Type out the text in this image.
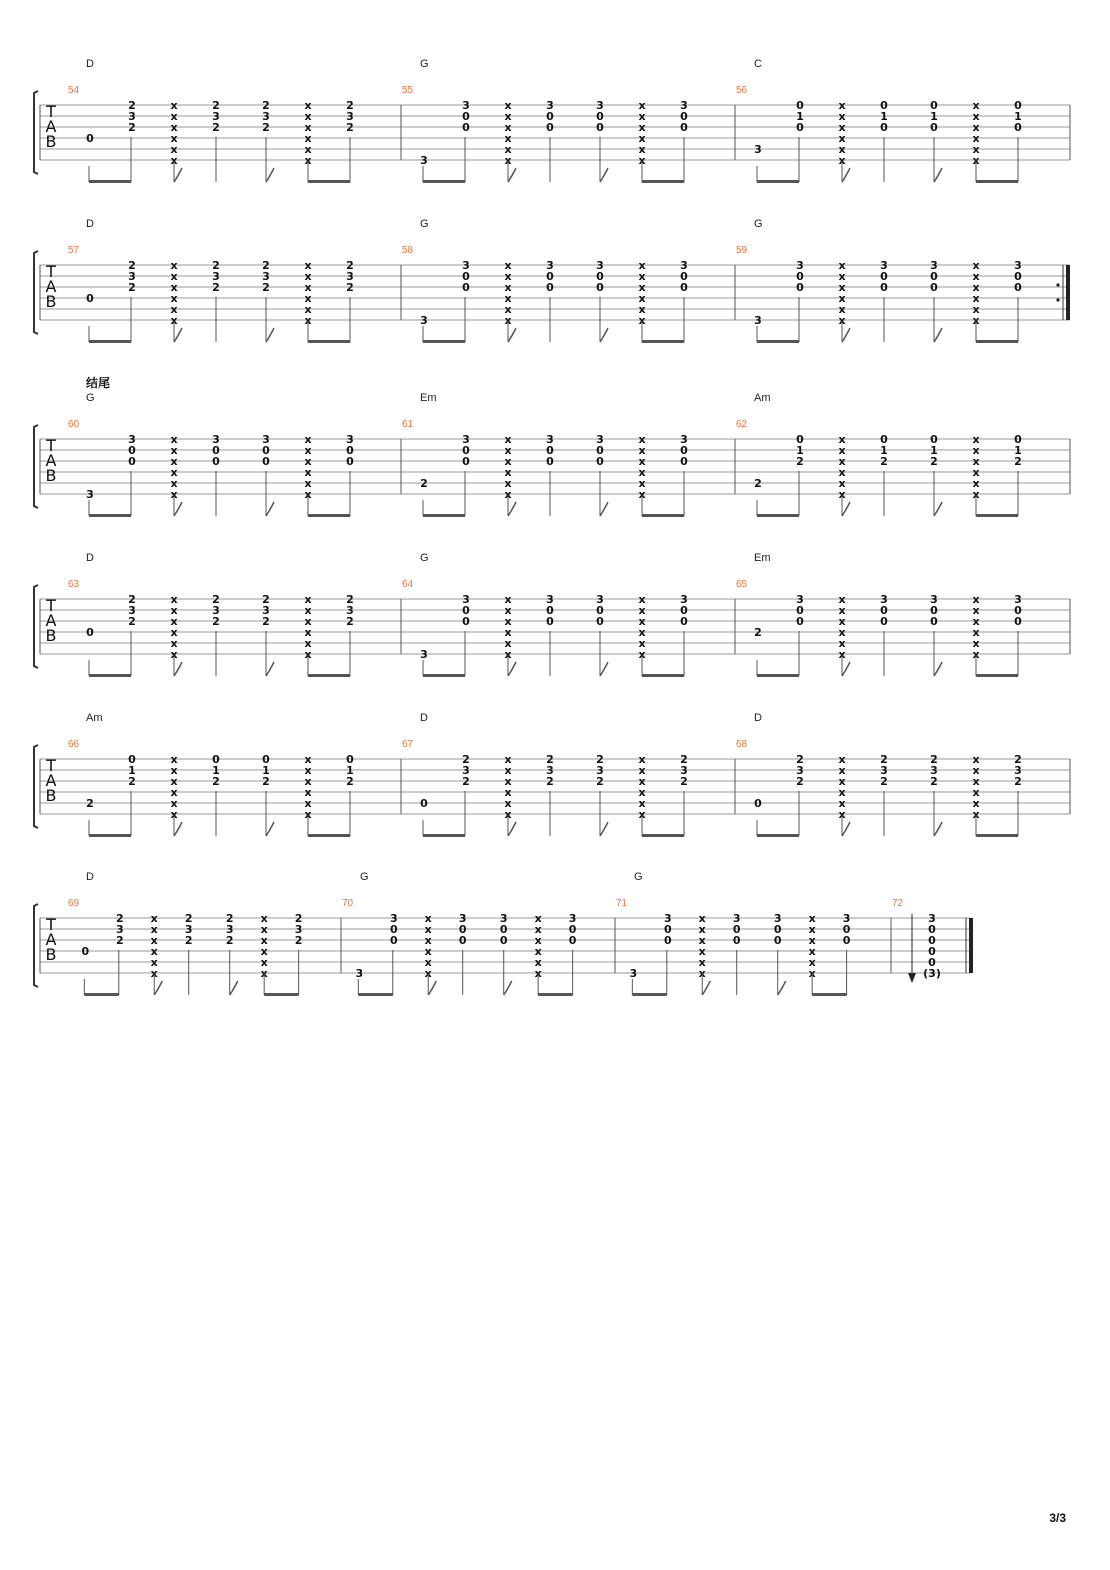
T
A
B
54
D
0
2
3
2
2
3
2
2
3
2
2
3
2
x
x
x
x
x
x
x
x
x
x
x
x
55
G
3
3
0
0
3
0
0
3
0
0
3
0
0
x
x
x
x
x
x
x
x
x
x
x
x
56
C
3
0
1
0
0
1
0
0
1
0
0
1
0
x
x
x
x
x
x
x
x
x
x
x
x
T
A
B
57
D
0
2
3
2
2
3
2
2
3
2
2
3
2
x
x
x
x
x
x
x
x
x
x
x
x
58
G
3
3
0
0
3
0
0
3
0
0
3
0
0
x
x
x
x
x
x
x
x
x
x
x
x
59
G
3
3
0
0
3
0
0
3
0
0
3
0
0
x
x
x
x
x
x
x
x
x
x
x
x
T
A
B
结尾
60
G
3
3
0
0
3
0
0
3
0
0
3
0
0
x
x
x
x
x
x
x
x
x
x
x
x
61
Em
2
3
0
0
3
0
0
3
0
0
3
0
0
x
x
x
x
x
x
x
x
x
x
x
x
62
Am
2
0
1
2
0
1
2
0
1
2
0
1
2
x
x
x
x
x
x
x
x
x
x
x
x
T
A
B
63
D
0
2
3
2
2
3
2
2
3
2
2
3
2
x
x
x
x
x
x
x
x
x
x
x
x
64
G
3
3
0
0
3
0
0
3
0
0
3
0
0
x
x
x
x
x
x
x
x
x
x
x
x
65
Em
2
3
0
0
3
0
0
3
0
0
3
0
0
x
x
x
x
x
x
x
x
x
x
x
x
T
A
B
66
Am
2
0
1
2
0
1
2
0
1
2
0
1
2
x
x
x
x
x
x
x
x
x
x
x
x
67
D
0
2
3
2
2
3
2
2
3
2
2
3
2
x
x
x
x
x
x
x
x
x
x
x
x
68
D
0
2
3
2
2
3
2
2
3
2
2
3
2
x
x
x
x
x
x
x
x
x
x
x
x
T
A
B
69
D
0
2
3
2
2
3
2
2
3
2
2
3
2
x
x
x
x
x
x
x
x
x
x
x
x
70
G
3
3
0
0
3
0
0
3
0
0
3
0
0
x
x
x
x
x
x
x
x
x
x
x
x
71
G
3
3
0
0
3
0
0
3
0
0
3
0
0
x
x
x
x
x
x
x
x
x
x
x
x
72
3
0
0
0
0
(3)
3/3
